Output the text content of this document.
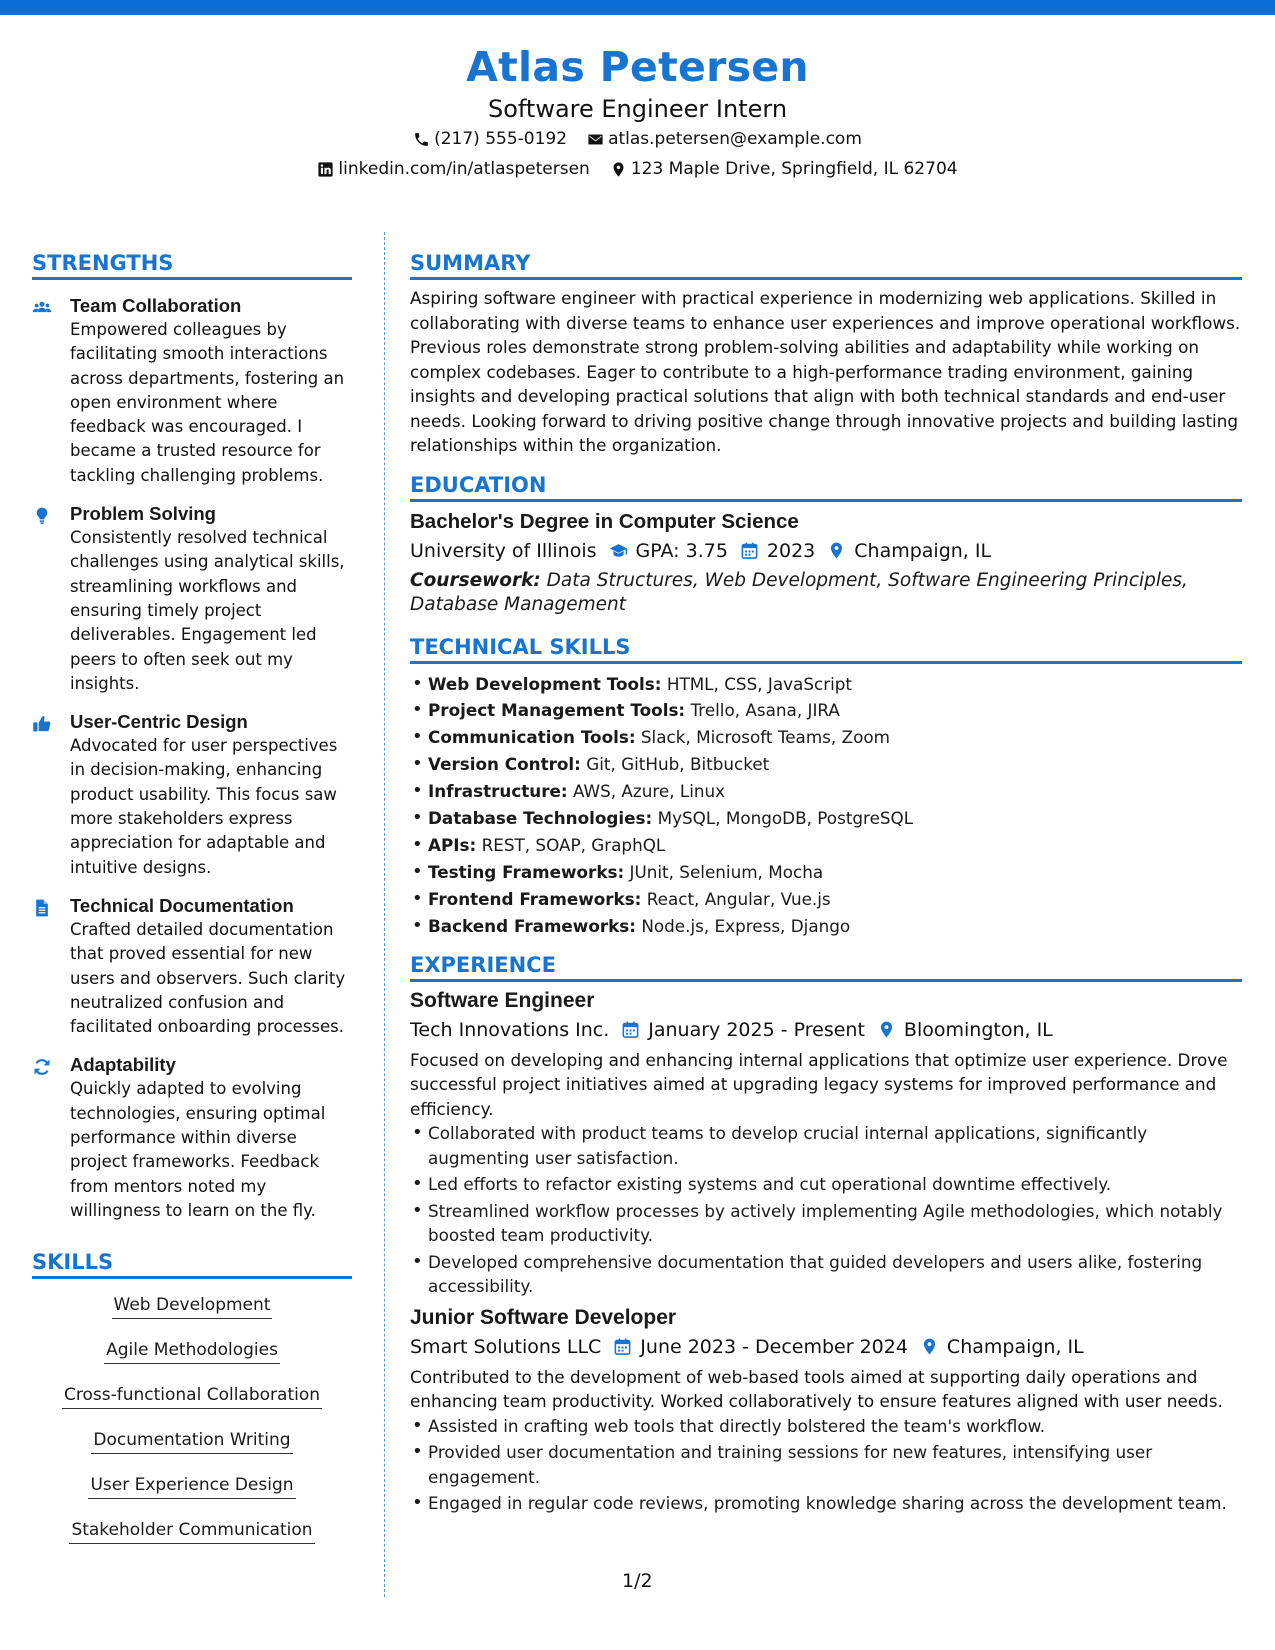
Atlas Petersen
Software Engineer Intern
(217) 555-0192 atlas.petersen@example.com
linkedin.com/in/atlaspetersen 123 Maple Drive, Springfield, IL 62704
STRENGTHS
Team Collaboration
Empowered colleagues by facilitating smooth interactions across departments, fostering an open environment where feedback was encouraged. I became a trusted resource for tackling challenging problems.
Problem Solving
Consistently resolved technical challenges using analytical skills, streamlining workflows and ensuring timely project deliverables. Engagement led peers to often seek out my insights.
User-Centric Design
Advocated for user perspectives in decision-making, enhancing product usability. This focus saw more stakeholders express appreciation for adaptable and intuitive designs.
Technical Documentation
Crafted detailed documentation that proved essential for new users and observers. Such clarity neutralized confusion and facilitated onboarding processes.
Adaptability
Quickly adapted to evolving technologies, ensuring optimal performance within diverse project frameworks. Feedback from mentors noted my willingness to learn on the fly.
SKILLS
Web Development
Agile Methodologies
Cross-functional Collaboration
Documentation Writing
User Experience Design
Stakeholder Communication
SUMMARY
Aspiring software engineer with practical experience in modernizing web applications. Skilled in collaborating with diverse teams to enhance user experiences and improve operational workflows. Previous roles demonstrate strong problem-solving abilities and adaptability while working on complex codebases. Eager to contribute to a high-performance trading environment, gaining insights and developing practical solutions that align with both technical standards and end-user needs. Looking forward to driving positive change through innovative projects and building lasting relationships within the organization.
EDUCATION
Bachelor's Degree in Computer Science
University of Illinois GPA: 3.75 2023 Champaign, IL
Coursework: Data Structures, Web Development, Software Engineering Principles, Database Management
TECHNICAL SKILLS
• Web Development Tools: HTML, CSS, JavaScript
• Project Management Tools: Trello, Asana, JIRA
• Communication Tools: Slack, Microsoft Teams, Zoom
• Version Control: Git, GitHub, Bitbucket
• Infrastructure: AWS, Azure, Linux
• Database Technologies: MySQL, MongoDB, PostgreSQL
• APIs: REST, SOAP, GraphQL
• Testing Frameworks: JUnit, Selenium, Mocha
• Frontend Frameworks: React, Angular, Vue.js
• Backend Frameworks: Node.js, Express, Django
EXPERIENCE
Software Engineer
Tech Innovations Inc. January 2025 - Present Bloomington, IL
Focused on developing and enhancing internal applications that optimize user experience. Drove successful project initiatives aimed at upgrading legacy systems for improved performance and efficiency.
• Collaborated with product teams to develop crucial internal applications, significantly augmenting user satisfaction.
• Led efforts to refactor existing systems and cut operational downtime effectively.
• Streamlined workflow processes by actively implementing Agile methodologies, which notably boosted team productivity.
• Developed comprehensive documentation that guided developers and users alike, fostering accessibility.
Junior Software Developer
Smart Solutions LLC June 2023 - December 2024 Champaign, IL
Contributed to the development of web-based tools aimed at supporting daily operations and enhancing team productivity. Worked collaboratively to ensure features aligned with user needs.
• Assisted in crafting web tools that directly bolstered the team's workflow.
• Provided user documentation and training sessions for new features, intensifying user engagement.
• Engaged in regular code reviews, promoting knowledge sharing across the development team.
1/2
